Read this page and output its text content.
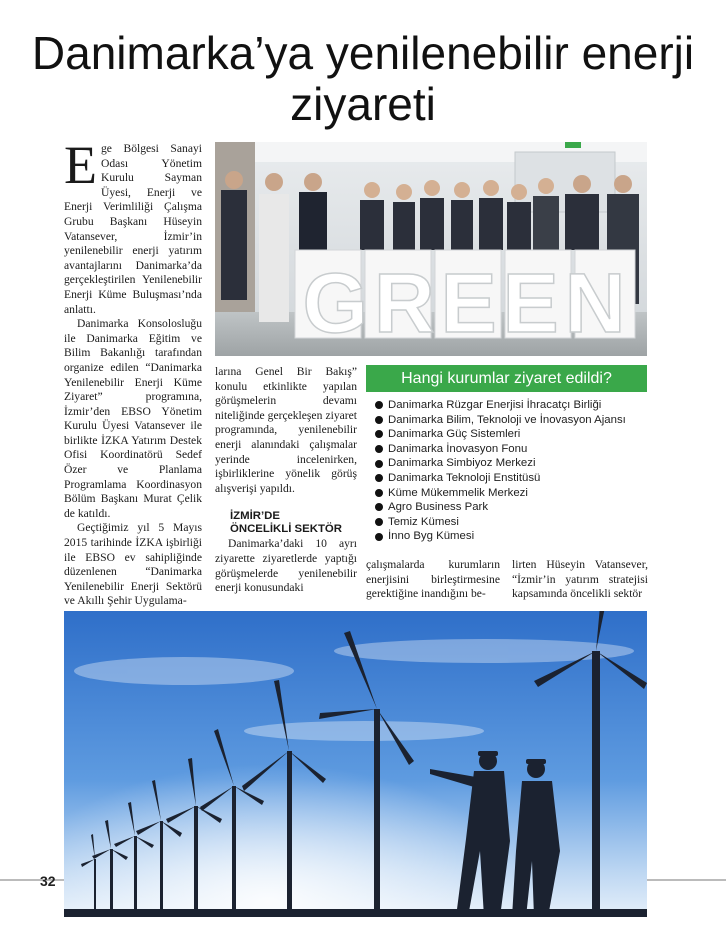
Danimarka’ya yenilenebilir enerji ziyareti

Ege Bölgesi Sanayi Odası Yönetim Kurulu Sayman Üyesi, Enerji ve Enerji Verimliliği Çalışma Grubu Başkanı Hüseyin Vatansever, İzmir’in yenilenebilir enerji yatırım avantajlarını Danimarka’da gerçekleştirilen Yenilenebilir Enerji Küme Buluşması’nda anlattı.

Danimarka Konsolosluğu ile Danimarka Eğitim ve Bilim Bakanlığı tarafından organize edilen “Danimarka Yenilenebilir Enerji Küme Ziyaret” programına, İzmir’den EBSO Yönetim Kurulu Üyesi Vatansever ile birlikte İZKA Yatırım Destek Ofisi Koordinatörü Sedef Özer ve Planlama Programlama Koordinasyon Bölüm Başkanı Murat Çelik de katıldı.

Geçtiğimiz yıl 5 Mayıs 2015 tarihinde İZKA işbirliği ile EBSO ev sahipliğinde düzenlenen “Danimarka Yenilenebilir Enerji Sektörü ve Akıllı Şehir Uygulama-

GREEN

larına Genel Bir Bakış” konulu etkinlikte yapılan görüşmelerin devamı niteliğinde gerçekleşen ziyaret programında, yenilenebilir enerji alanındaki çalışmalar yerinde incelenirken, işbirliklerine yönelik görüş alışverişi yapıldı.

İZMİR’DE
ÖNCELİKLİ SEKTÖR

Danimarka’daki 10 ayrı ziyarette ziyaretlerde yaptığı görüşmelerde yenilenebilir enerji konusundaki

Hangi kurumlar ziyaret edildi?
Danimarka Rüzgar Enerjisi İhracatçı Birliği
Danimarka Bilim, Teknoloji ve İnovasyon Ajansı
Danimarka Güç Sistemleri
Danimarka İnovasyon Fonu
Danimarka Simbiyoz Merkezi
Danimarka Teknoloji Enstitüsü
Küme Mükemmelik Merkezi
Agro Business Park
Temiz Kümesi
İnno Byg Kümesi

çalışmalarda kurumların enerjisini birleştirmesine gerektiğine inandığını be-

lirten Hüseyin Vatansever, “İzmir’in yatırım stratejisi kapsamında öncelikli sektör

32
